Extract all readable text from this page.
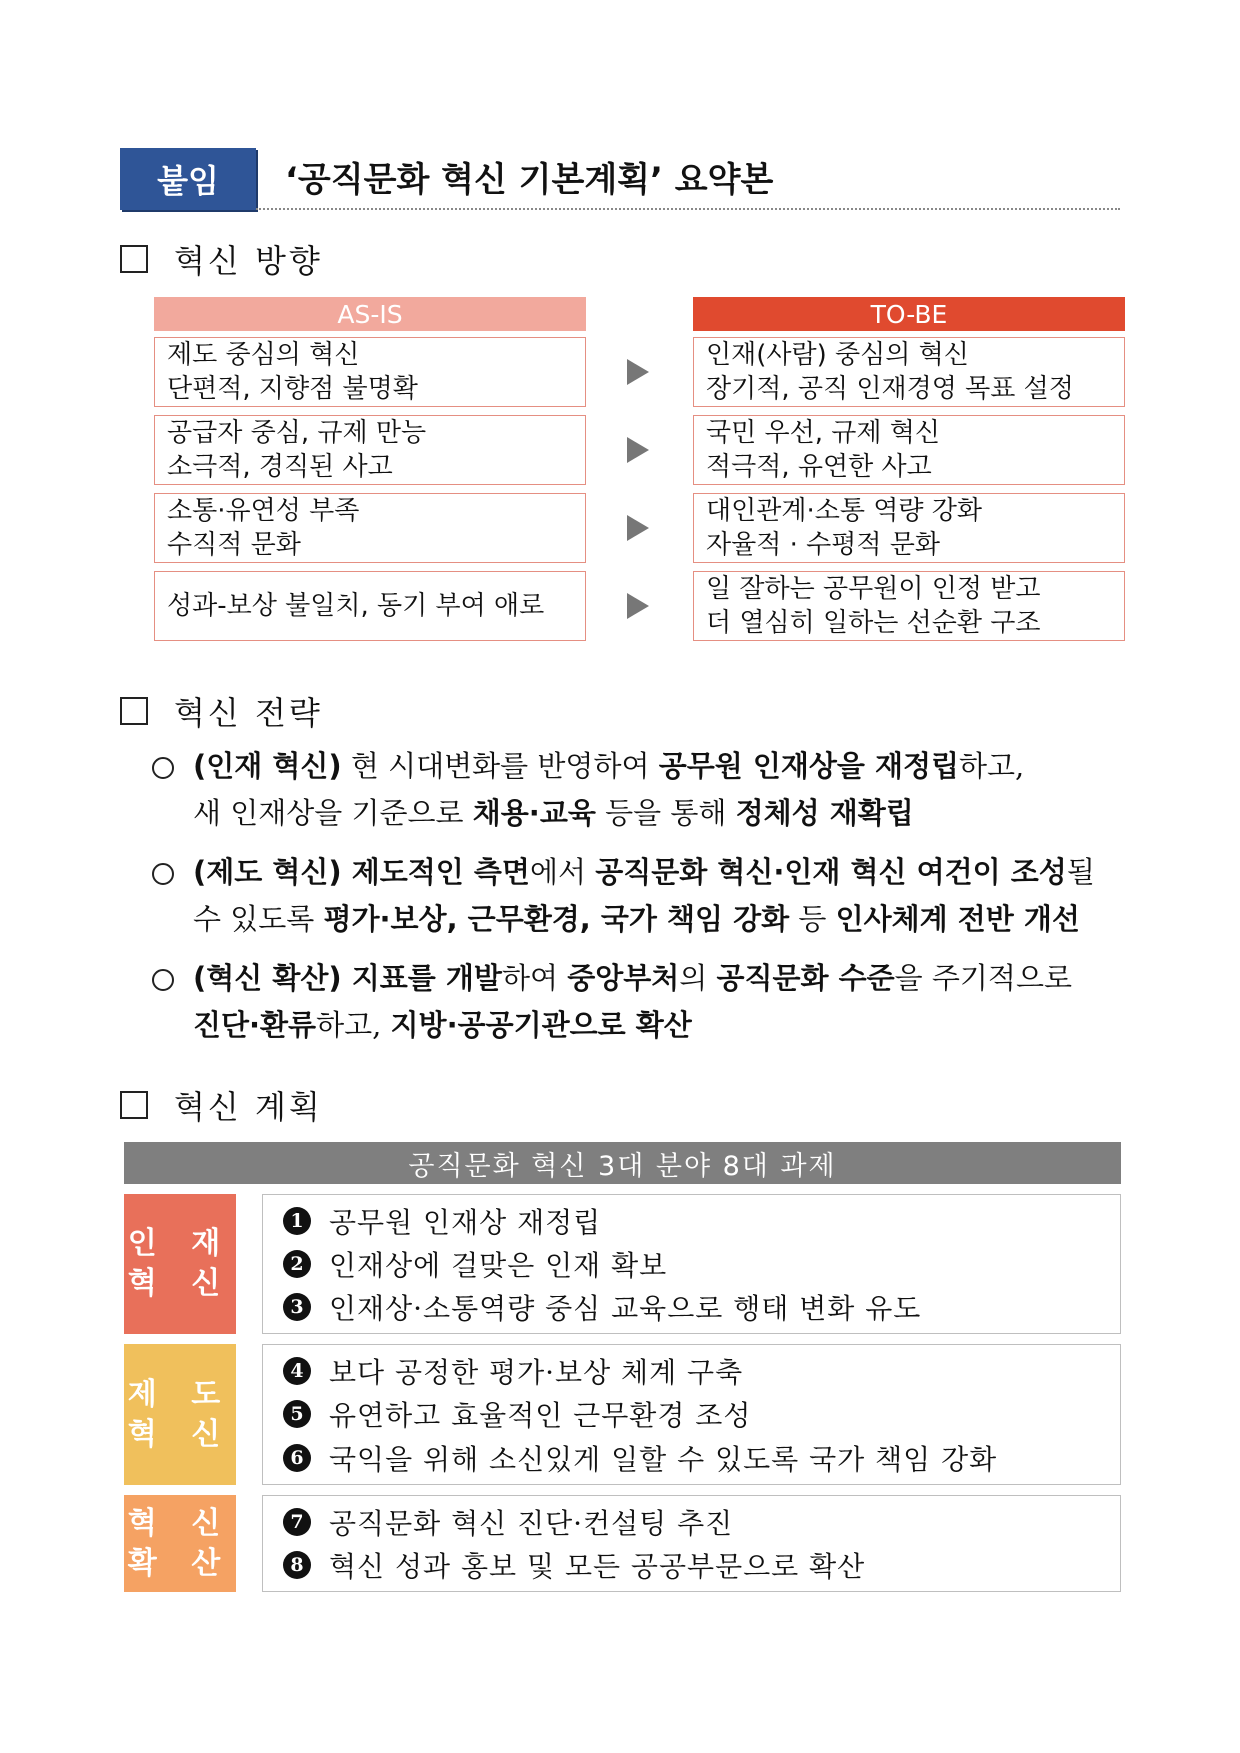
붙임	‘공직문화 혁신 기본계획’ 요약본
혁신 방향
AS-IS	TO-BE
제도 중심의 혁신
단편적, 지향점 불명확
인재(사람) 중심의 혁신
장기적, 공직 인재경영 목표 설정
공급자 중심, 규제 만능
소극적, 경직된 사고
국민 우선, 규제 혁신
적극적, 유연한 사고
소통·유연성 부족
수직적 문화
대인관계·소통 역량 강화
자율적 · 수평적 문화
성과-보상 불일치, 동기 부여 애로
일 잘하는 공무원이 인정 받고
더 열심히 일하는 선순환 구조
혁신 전략
(인재 혁신) 현 시대변화를 반영하여 공무원 인재상을 재정립하고,
새 인재상을 기준으로 채용·교육 등을 통해 정체성 재확립
(제도 혁신) 제도적인 측면에서 공직문화 혁신·인재 혁신 여건이 조성될
수 있도록 평가·보상, 근무환경, 국가 책임 강화 등 인사체계 전반 개선
(혁신 확산) 지표를 개발하여 중앙부처의 공직문화 수준을 주기적으로
진단·환류하고, 지방·공공기관으로 확산
혁신 계획
공직문화 혁신 3대 분야 8대 과제
인 재
혁 신
1 공무원 인재상 재정립
2 인재상에 걸맞은 인재 확보
3 인재상·소통역량 중심 교육으로 행태 변화 유도
제 도
혁 신
4 보다 공정한 평가·보상 체계 구축
5 유연하고 효율적인 근무환경 조성
6 국익을 위해 소신있게 일할 수 있도록 국가 책임 강화
혁 신
확 산
7 공직문화 혁신 진단·컨설팅 추진
8 혁신 성과 홍보 및 모든 공공부문으로 확산
